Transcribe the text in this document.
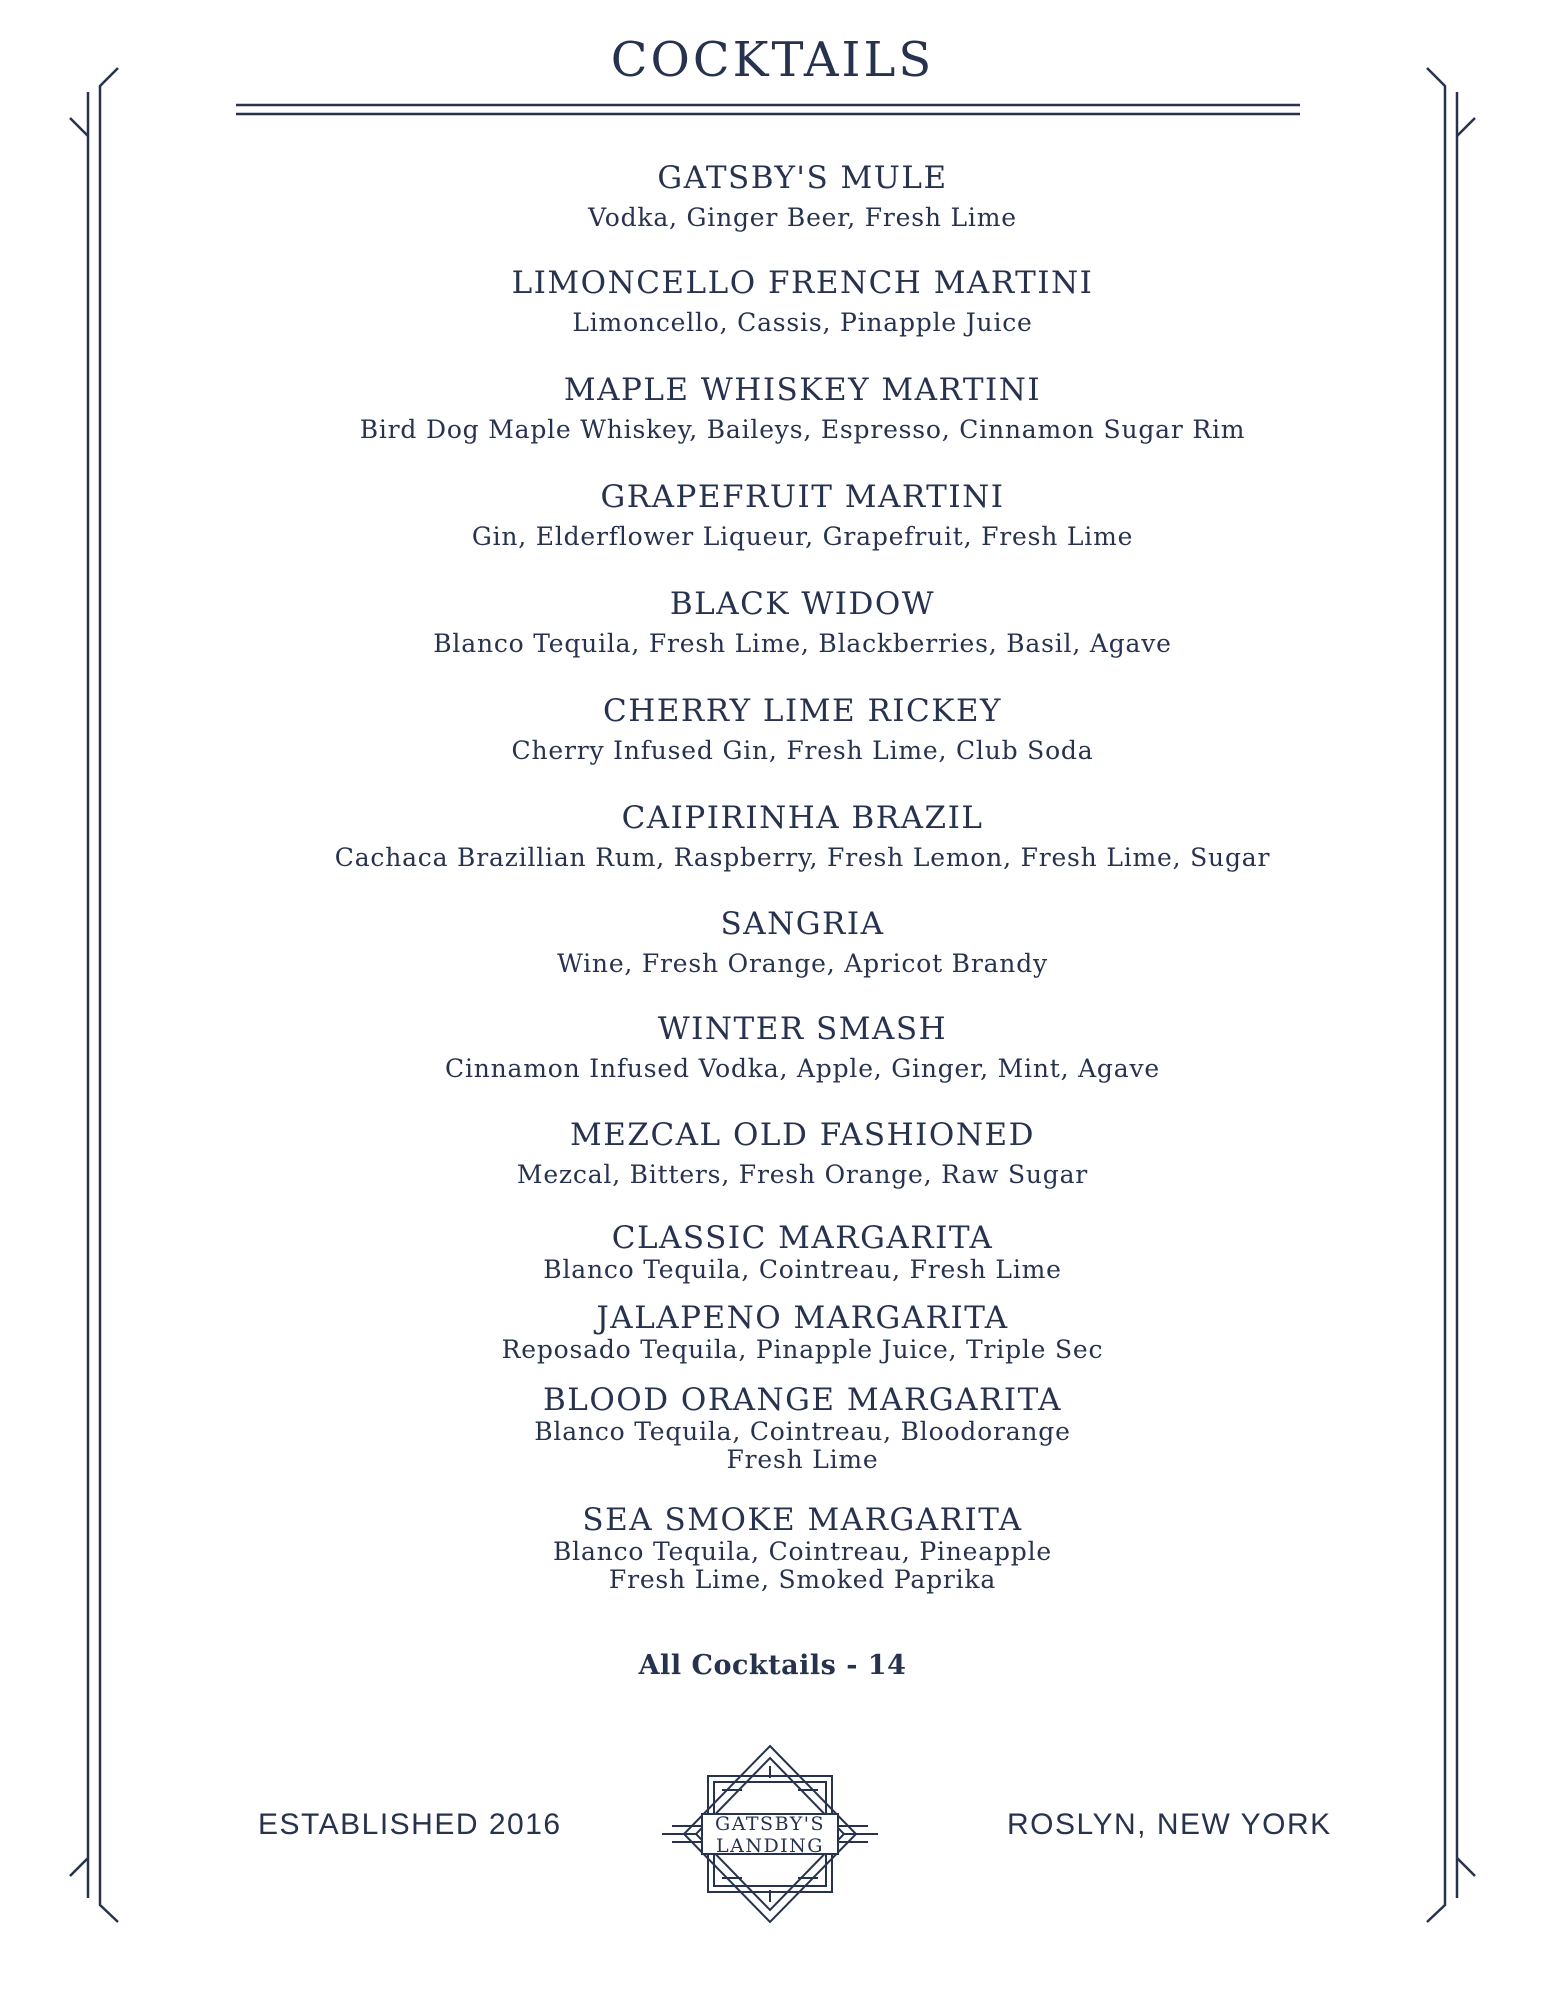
COCKTAILS
GATSBY'S MULE
Vodka, Ginger Beer, Fresh Lime
LIMONCELLO FRENCH MARTINI
Limoncello, Cassis, Pinapple Juice
MAPLE WHISKEY MARTINI
Bird Dog Maple Whiskey, Baileys, Espresso, Cinnamon Sugar Rim
GRAPEFRUIT MARTINI
Gin, Elderflower Liqueur, Grapefruit, Fresh Lime
BLACK WIDOW
Blanco Tequila, Fresh Lime, Blackberries, Basil, Agave
CHERRY LIME RICKEY
Cherry Infused Gin, Fresh Lime, Club Soda
CAIPIRINHA BRAZIL
Cachaca Brazillian Rum, Raspberry, Fresh Lemon, Fresh Lime, Sugar
SANGRIA
Wine, Fresh Orange, Apricot Brandy
WINTER SMASH
Cinnamon Infused Vodka, Apple, Ginger, Mint, Agave
MEZCAL OLD FASHIONED
Mezcal, Bitters, Fresh Orange, Raw Sugar
CLASSIC MARGARITA
Blanco Tequila, Cointreau, Fresh Lime
JALAPENO MARGARITA
Reposado Tequila, Pinapple Juice, Triple Sec
BLOOD ORANGE MARGARITA
Blanco Tequila, Cointreau, Bloodorange
Fresh Lime
SEA SMOKE MARGARITA
Blanco Tequila, Cointreau, Pineapple
Fresh Lime, Smoked Paprika
All Cocktails - 14
ESTABLISHED 2016	ROSLYN, NEW YORK
GATSBY'S
LANDING
